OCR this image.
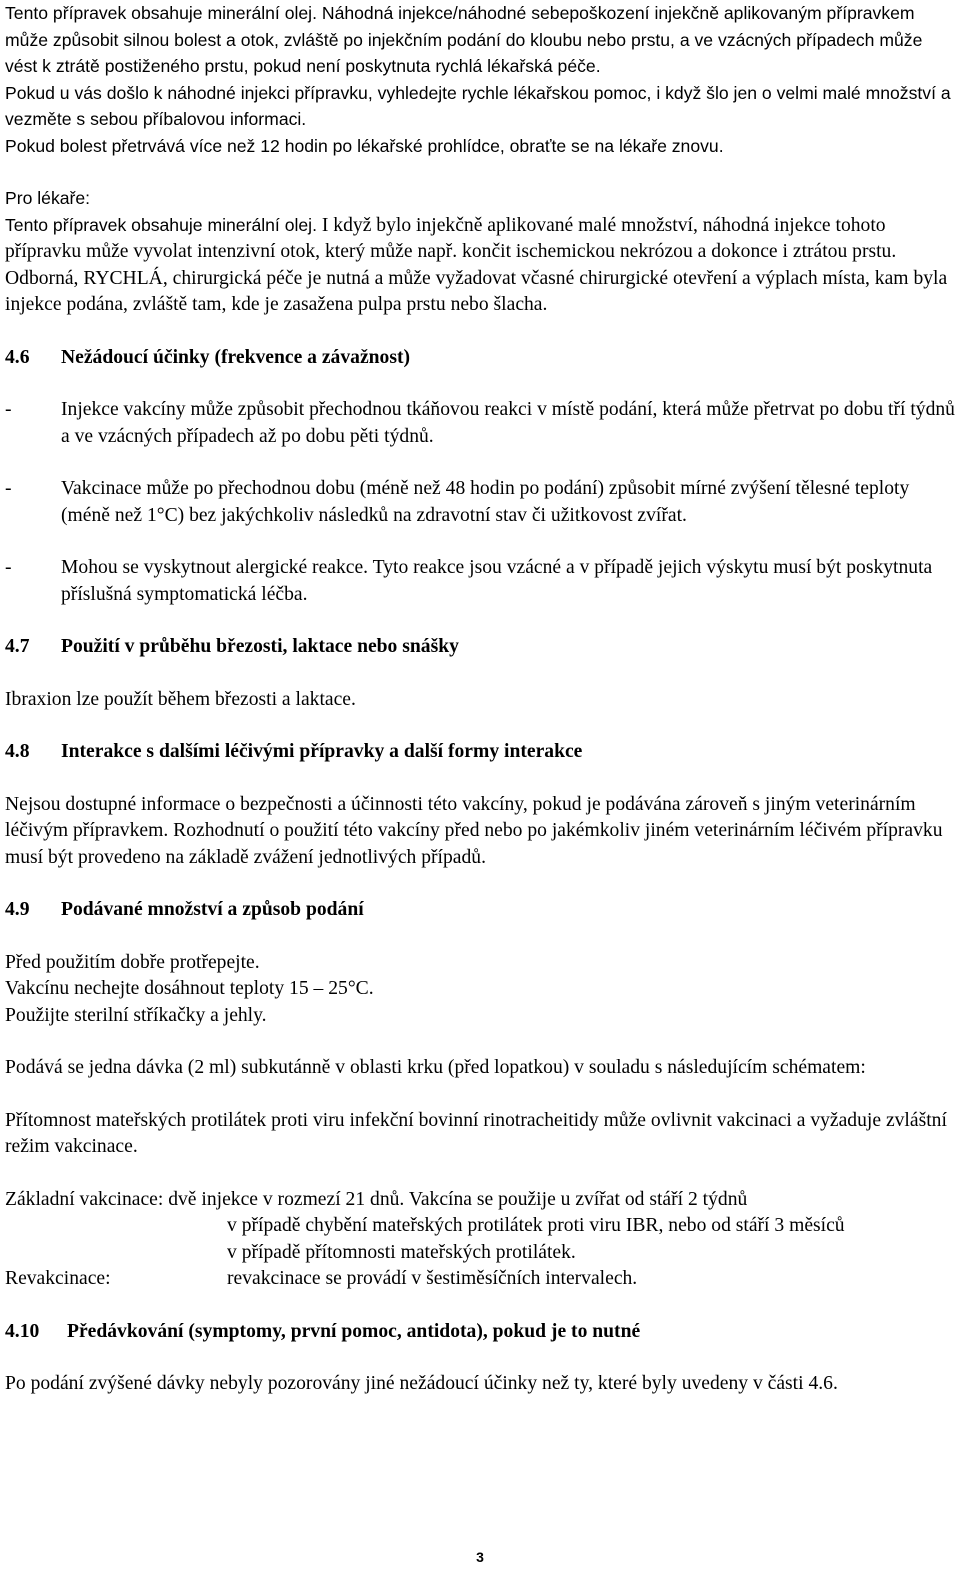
Tento přípravek obsahuje minerální olej. Náhodná injekce/náhodné sebepoškození injekčně aplikovaným přípravkem může způsobit silnou bolest a otok, zvláště po injekčním podání do kloubu nebo prstu, a ve vzácných případech může vést k ztrátě postiženého prstu, pokud není poskytnuta rychlá lékařská péče.

Pokud u vás došlo k náhodné injekci přípravku, vyhledejte rychle lékařskou pomoc, i když šlo jen o velmi malé množství a vezměte s sebou příbalovou informaci.

Pokud bolest přetrvává více než 12 hodin po lékařské prohlídce, obraťte se na lékaře znovu.

Pro lékaře:

Tento přípravek obsahuje minerální olej. I když bylo injekčně aplikované malé množství, náhodná injekce tohoto přípravku může vyvolat intenzivní otok, který může např. končit ischemickou nekrózou a dokonce i ztrátou prstu. Odborná, RYCHLÁ, chirurgická péče je nutná a může vyžadovat včasné chirurgické otevření a výplach místa, kam byla injekce podána, zvláště tam, kde je zasažena pulpa prstu nebo šlacha.

4.6	Nežádoucí účinky (frekvence a závažnost)
-	Injekce vakcíny může způsobit přechodnou tkáňovou reakci v místě podání, která může přetrvat po dobu tří týdnů a ve vzácných případech až po dobu pěti týdnů.
-	Vakcinace může po přechodnou dobu (méně než 48 hodin po podání) způsobit mírné zvýšení tělesné teploty (méně než 1°C) bez jakýchkoliv následků na zdravotní stav či užitkovost zvířat.
-	Mohou se vyskytnout alergické reakce. Tyto reakce jsou vzácné a v případě jejich výskytu musí být poskytnuta příslušná symptomatická léčba.
4.7	Použití v průběhu březosti, laktace nebo snášky

Ibraxion lze použít během březosti a laktace.

4.8	Interakce s dalšími léčivými přípravky a další formy interakce

Nejsou dostupné informace o bezpečnosti a účinnosti této vakcíny, pokud je podávána zároveň s jiným veterinárním léčivým přípravkem. Rozhodnutí o použití této vakcíny před nebo po jakémkoliv jiném veterinárním léčivém přípravku musí být provedeno na základě zvážení jednotlivých případů.

4.9	Podávané množství a způsob podání

Před použitím dobře protřepejte.

Vakcínu nechejte dosáhnout teploty 15 – 25°C.

Použijte sterilní stříkačky a jehly.

Podává se jedna dávka (2 ml) subkutánně v oblasti krku (před lopatkou) v souladu s následujícím schématem:

Přítomnost mateřských protilátek proti viru infekční bovinní rinotracheitidy může ovlivnit vakcinaci a vyžaduje zvláštní režim vakcinace.

Základní vakcinace: dvě injekce v rozmezí 21 dnů. Vakcína se použije u zvířat od stáří 2 týdnů

v případě chybění mateřských protilátek proti viru IBR, nebo od stáří 3 měsíců
v případě přítomnosti mateřských protilátek.
Revakcinace:	revakcinace se provádí v šestiměsíčních intervalech.
4.10	Předávkování (symptomy, první pomoc, antidota), pokud je to nutné

Po podání zvýšené dávky nebyly pozorovány jiné nežádoucí účinky než ty, které byly uvedeny v části 4.6.

3
